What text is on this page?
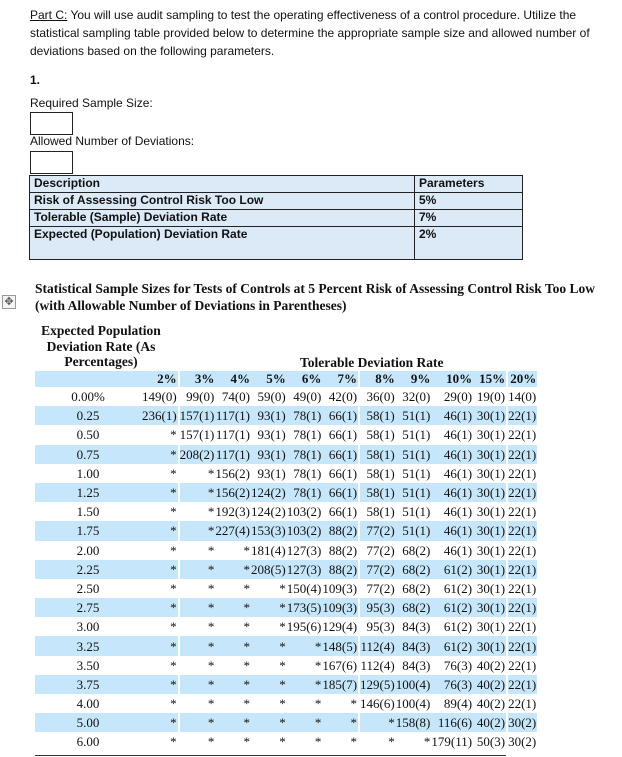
Part C: You will use audit sampling to test the operating effectiveness of a control procedure. Utilize the statistical sampling table provided below to determine the appropriate sample size and allowed number of deviations based on the following parameters.
1.
Required Sample Size:
Allowed Number of Deviations:
Description	Parameters
Risk of Assessing Control Risk Too Low	5%
Tolerable (Sample) Deviation Rate	7%
Expected (Population) Deviation Rate	2%
Statistical Sample Sizes for Tests of Controls at 5 Percent Risk of Assessing Control Risk Too Low
(with Allowable Number of Deviations in Parentheses)
✥
Expected Population
Deviation Rate (As
Percentages)	Tolerable Deviation Rate
	2%	3%	4%	5%	6%	7%	8%	9%	10%	15%	20%
0.00%	149(0)	99(0)	74(0)	59(0)	49(0)	42(0)	36(0)	32(0)	29(0)	19(0)	14(0)
0.25	236(1)	157(1)	117(1)	93(1)	78(1)	66(1)	58(1)	51(1)	46(1)	30(1)	22(1)
0.50	*	157(1)	117(1)	93(1)	78(1)	66(1)	58(1)	51(1)	46(1)	30(1)	22(1)
0.75	*	208(2)	117(1)	93(1)	78(1)	66(1)	58(1)	51(1)	46(1)	30(1)	22(1)
1.00	*	*	156(2)	93(1)	78(1)	66(1)	58(1)	51(1)	46(1)	30(1)	22(1)
1.25	*	*	156(2)	124(2)	78(1)	66(1)	58(1)	51(1)	46(1)	30(1)	22(1)
1.50	*	*	192(3)	124(2)	103(2)	66(1)	58(1)	51(1)	46(1)	30(1)	22(1)
1.75	*	*	227(4)	153(3)	103(2)	88(2)	77(2)	51(1)	46(1)	30(1)	22(1)
2.00	*	*	*	181(4)	127(3)	88(2)	77(2)	68(2)	46(1)	30(1)	22(1)
2.25	*	*	*	208(5)	127(3)	88(2)	77(2)	68(2)	61(2)	30(1)	22(1)
2.50	*	*	*	*	150(4)	109(3)	77(2)	68(2)	61(2)	30(1)	22(1)
2.75	*	*	*	*	173(5)	109(3)	95(3)	68(2)	61(2)	30(1)	22(1)
3.00	*	*	*	*	195(6)	129(4)	95(3)	84(3)	61(2)	30(1)	22(1)
3.25	*	*	*	*	*	148(5)	112(4)	84(3)	61(2)	30(1)	22(1)
3.50	*	*	*	*	*	167(6)	112(4)	84(3)	76(3)	40(2)	22(1)
3.75	*	*	*	*	*	185(7)	129(5)	100(4)	76(3)	40(2)	22(1)
4.00	*	*	*	*	*	*	146(6)	100(4)	89(4)	40(2)	22(1)
5.00	*	*	*	*	*	*	*	158(8)	116(6)	40(2)	30(2)
6.00	*	*	*	*	*	*	*	*	179(11)	50(3)	30(2)
